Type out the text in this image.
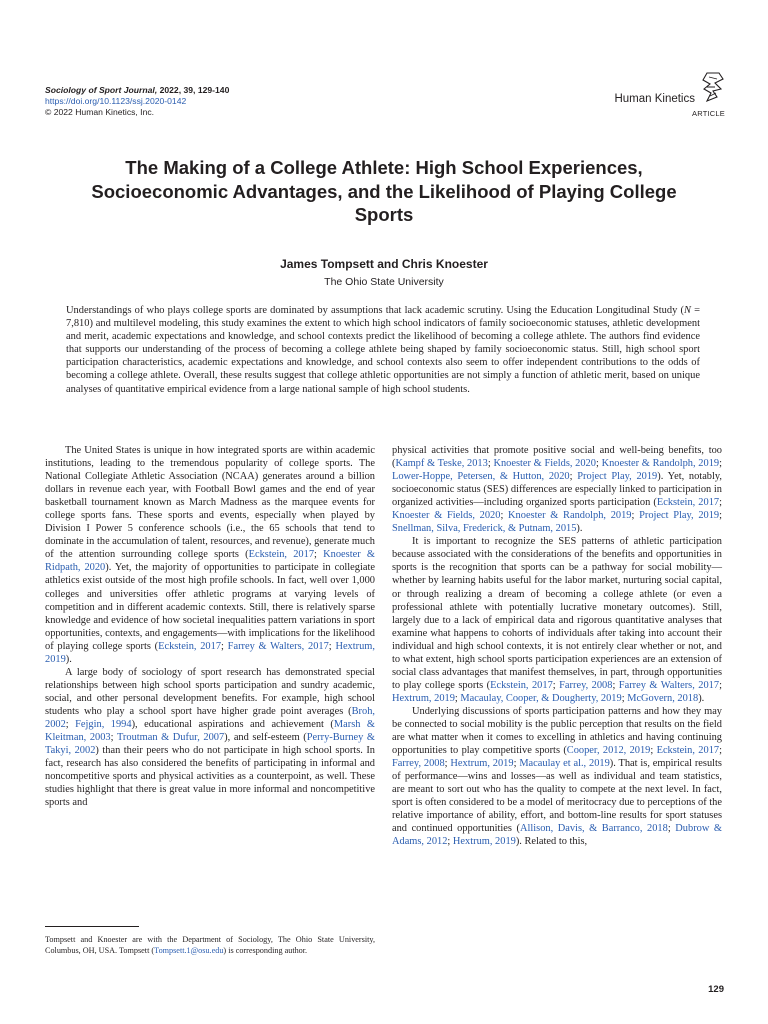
Sociology of Sport Journal, 2022, 39, 129-140
https://doi.org/10.1123/ssj.2020-0142
© 2022 Human Kinetics, Inc.
Human Kinetics
ARTICLE
The Making of a College Athlete: High School Experiences, Socioeconomic Advantages, and the Likelihood of Playing College Sports
James Tompsett and Chris Knoester
The Ohio State University
Understandings of who plays college sports are dominated by assumptions that lack academic scrutiny. Using the Education Longitudinal Study (N = 7,810) and multilevel modeling, this study examines the extent to which high school indicators of family socioeconomic statuses, athletic development and merit, academic expectations and knowledge, and school contexts predict the likelihood of becoming a college athlete. The authors find evidence that supports our understanding of the process of becoming a college athlete being shaped by family socioeconomic status. Still, high school sport participation characteristics, academic expectations and knowledge, and school contexts also seem to offer independent contributions to the odds of becoming a college athlete. Overall, these results suggest that college athletic opportunities are not simply a function of athletic merit, based on unique analyses of quantitative empirical evidence from a large national sample of high school students.

The United States is unique in how integrated sports are within academic institutions, leading to the tremendous popularity of college sports. The National Collegiate Athletic Association (NCAA) generates around a billion dollars in revenue each year, with Football Bowl games and the end of year basketball tournament known as March Madness as the marquee events for college sports fans. These sports and events, especially when played by Division I Power 5 conference schools (i.e., the 65 schools that tend to dominate in the accumulation of talent, resources, and revenue), generate much of the attention surrounding college sports (Eckstein, 2017; Knoester & Ridpath, 2020). Yet, the majority of opportunities to participate in collegiate athletics exist outside of the most high profile schools. In fact, well over 1,000 colleges and universities offer athletic programs at varying levels of competition and in different academic contexts. Still, there is relatively sparse knowledge and evidence of how societal inequalities pattern variations in sport opportunities, contexts, and engagements—with implications for the likelihood of playing college sports (Eckstein, 2017; Farrey & Walters, 2017; Hextrum, 2019).

A large body of sociology of sport research has demonstrated special relationships between high school sports participation and sundry academic, social, and other personal development benefits. For example, high school students who play a school sport have higher grade point averages (Broh, 2002; Fejgin, 1994), educational aspirations and achievement (Marsh & Kleitman, 2003; Troutman & Dufur, 2007), and self-esteem (Perry-Burney & Takyi, 2002) than their peers who do not participate in high school sports. In fact, research has also considered the benefits of participating in informal and noncompetitive sports and physical activities as a counterpoint, as well. These studies highlight that there is great value in more informal and noncompetitive sports and

physical activities that promote positive social and well-being benefits, too (Kampf & Teske, 2013; Knoester & Fields, 2020; Knoester & Randolph, 2019; Lower-Hoppe, Petersen, & Hutton, 2020; Project Play, 2019). Yet, notably, socioeconomic status (SES) differences are especially linked to participation in organized activities—including organized sports participation (Eckstein, 2017; Knoester & Fields, 2020; Knoester & Randolph, 2019; Project Play, 2019; Snellman, Silva, Frederick, & Putnam, 2015).

It is important to recognize the SES patterns of athletic participation because associated with the considerations of the benefits and opportunities in sports is the recognition that sports can be a pathway for social mobility—whether by learning habits useful for the labor market, nurturing social capital, or through realizing a dream of becoming a college athlete (or even a professional athlete with potentially lucrative monetary outcomes). Still, largely due to a lack of empirical data and rigorous quantitative analyses that examine what happens to cohorts of individuals after taking into account their individual and high school contexts, it is not entirely clear whether or not, and to what extent, high school sports participation experiences are an extension of social class advantages that manifest themselves, in part, through opportunities to play college sports (Eckstein, 2017; Farrey, 2008; Farrey & Walters, 2017; Hextrum, 2019; Macaulay, Cooper, & Dougherty, 2019; McGovern, 2018).

Underlying discussions of sports participation patterns and how they may be connected to social mobility is the public perception that results on the field are what matter when it comes to excelling in athletics and having continuing opportunities to play competitive sports (Cooper, 2012, 2019; Eckstein, 2017; Farrey, 2008; Hextrum, 2019; Macaulay et al., 2019). That is, empirical results of performance—wins and losses—as well as individual and team statistics, are meant to sort out who has the quality to compete at the next level. In fact, sport is often considered to be a model of meritocracy due to perceptions of the relative importance of ability, effort, and bottom-line results for sport statuses and continued opportunities (Allison, Davis, & Barranco, 2018; Dubrow & Adams, 2012; Hextrum, 2019). Related to this,

Tompsett and Knoester are with the Department of Sociology, The Ohio State University, Columbus, OH, USA. Tompsett (Tompsett.1@osu.edu) is corresponding author.
129
